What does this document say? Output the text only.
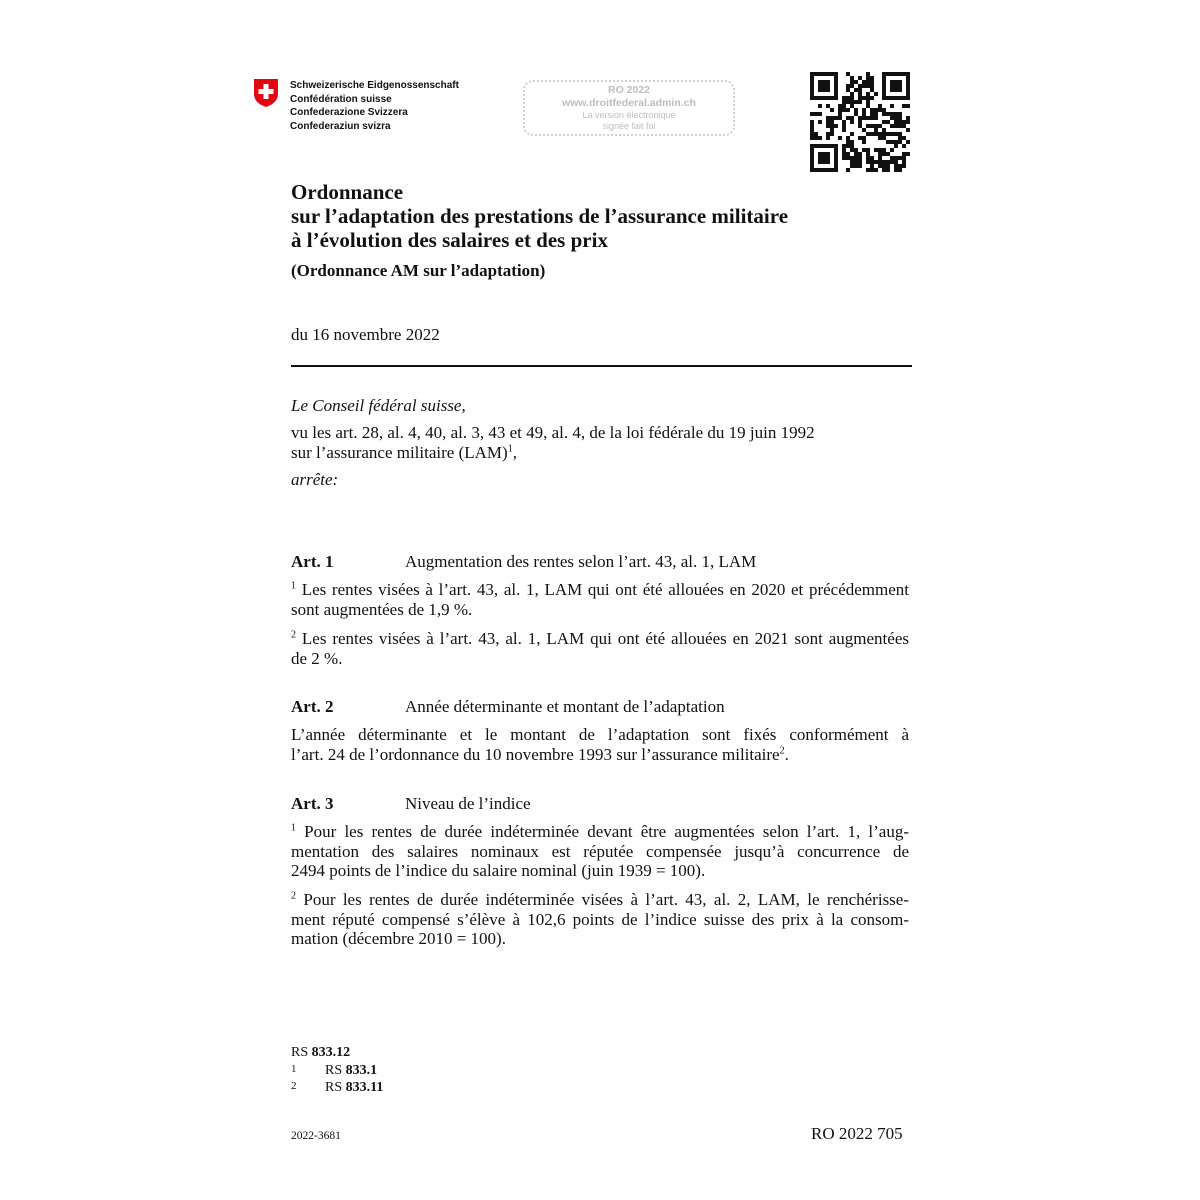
Schweizerische Eidgenossenschaft
Confédération suisse
Confederazione Svizzera
Confederaziun svizra
RO 2022
www.droitfederal.admin.ch
La version électronique
signée fait foi
Ordonnance
sur l’adaptation des prestations de l’assurance militaire
à l’évolution des salaires et des prix
(Ordonnance AM sur l’adaptation)
du 16 novembre 2022
Le Conseil fédéral suisse,
vu les art. 28, al. 4, 40, al. 3, 43 et 49, al. 4, de la loi fédérale du 19 juin 1992
sur l’assurance militaire (LAM)$^1$,
arrête:
Art. 1	Augmentation des rentes selon l’art. 43, al. 1, LAM
$^1$ Les rentes visées à l’art. 43, al. 1, LAM qui ont été allouées en 2020 et précédemment
sont augmentées de 1,9 %.
$^2$ Les rentes visées à l’art. 43, al. 1, LAM qui ont été allouées en 2021 sont augmentées
de 2 %.
Art. 2	Année déterminante et montant de l’adaptation
L’année déterminante et le montant de l’adaptation sont fixés conformément à
l’art. 24 de l’ordonnance du 10 novembre 1993 sur l’assurance militaire$^2$.
Art. 3	Niveau de l’indice
$^1$ Pour les rentes de durée indéterminée devant être augmentées selon l’art. 1, l’aug-
mentation des salaires nominaux est réputée compensée jusqu’à concurrence de
2494 points de l’indice du salaire nominal (juin 1939 = 100).
$^2$ Pour les rentes de durée indéterminée visées à l’art. 43, al. 2, LAM, le renchérisse-
ment réputé compensé s’élève à 102,6 points de l’indice suisse des prix à la consom-
mation (décembre 2010 = 100).
RS 833.12
1 RS 833.1
2 RS 833.11
2022-3681	RO 2022 705
